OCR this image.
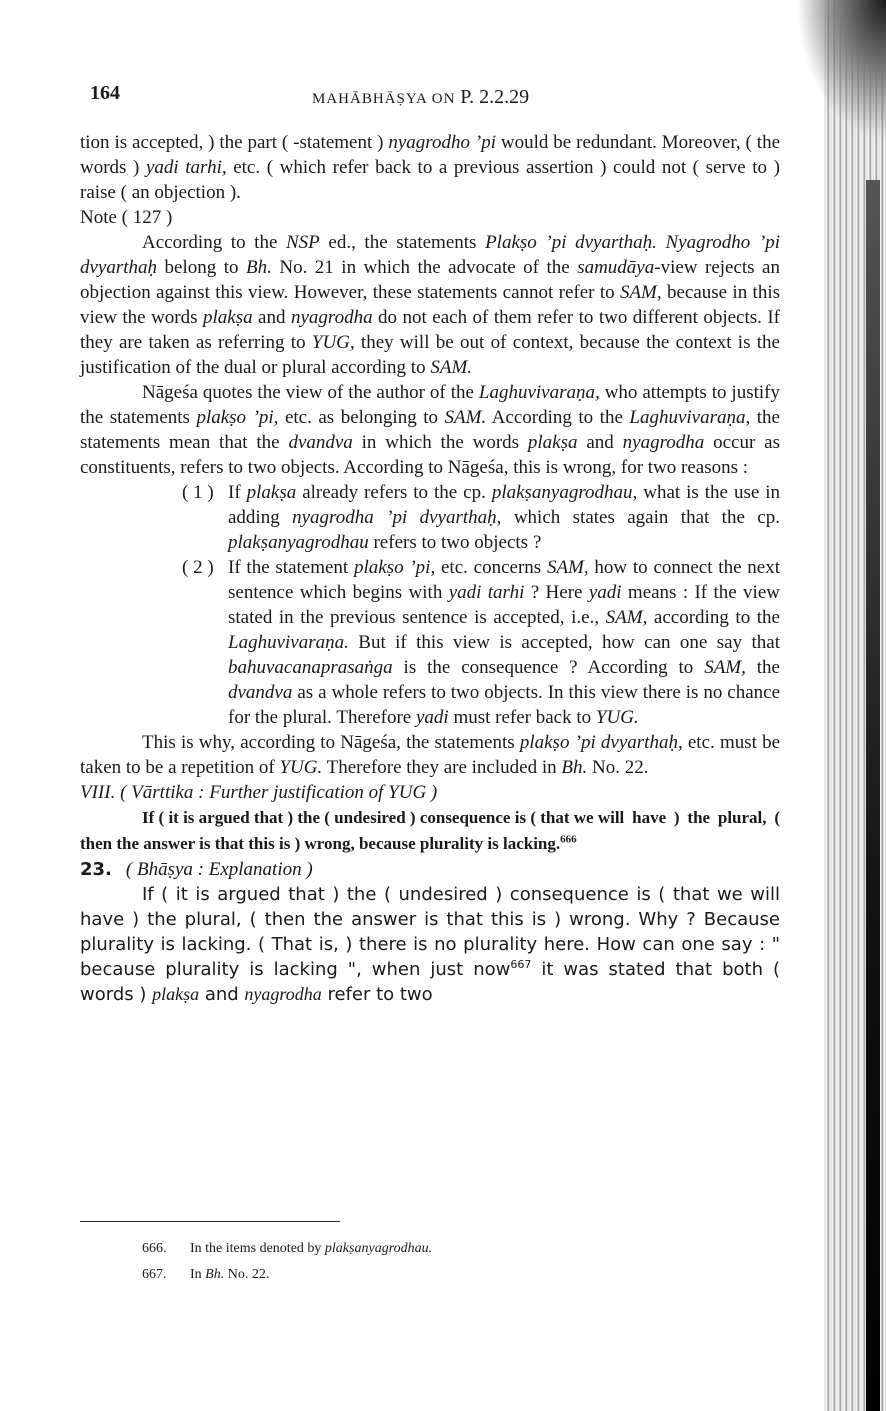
164	MAHĀBHĀṢYA ON P. 2.2.29

tion is accepted, ) the part ( -statement ) nyagrodho ’pi would be redundant. Moreover, ( the words ) yadi tarhi, etc. ( which refer back to a previous assertion ) could not ( serve to ) raise ( an objection ).

Note ( 127 )

According to the NSP ed., the statements Plakṣo ’pi dvyarthaḥ. Nyagrodho ’pi dvyarthaḥ belong to Bh. No. 21 in which the advocate of the samudāya-view rejects an objection against this view. However, these statements cannot refer to SAM, because in this view the words plakṣa and nyagrodha do not each of them refer to two different objects. If they are taken as referring to YUG, they will be out of context, because the context is the justification of the dual or plural according to SAM.

Nāgeśa quotes the view of the author of the Laghuvivaraṇa, who attempts to justify the statements plakṣo ’pi, etc. as belonging to SAM. According to the Laghuvivaraṇa, the statements mean that the dvandva in which the words plakṣa and nyagrodha occur as constituents, refers to two objects. According to Nāgeśa, this is wrong, for two reasons :

( 1 ) If plakṣa already refers to the cp. plakṣanyagrodhau, what is the use in adding nyagrodha ’pi dvyarthaḥ, which states again that the cp. plakṣanyagrodhau refers to two objects ?
( 2 ) If the statement plakṣo ’pi, etc. concerns SAM, how to connect the next sentence which begins with yadi tarhi ? Here yadi means : If the view stated in the previous sentence is accepted, i.e., SAM, according to the Laghuvivaraṇa. But if this view is accepted, how can one say that bahuvacanaprasaṅga is the consequence ? According to SAM, the dvandva as a whole refers to two objects. In this view there is no chance for the plural. Therefore yadi must refer back to YUG.

This is why, according to Nāgeśa, the statements plakṣo ’pi dvyarthaḥ, etc. must be taken to be a repetition of YUG. Therefore they are included in Bh. No. 22.

VIII. ( Vārttika : Further justification of YUG )

If ( it is argued that ) the ( undesired ) consequence is ( that we will have ) the plural, ( then the answer is that this is ) wrong, because plurality is lacking.$^{666}$

23. ( Bhāṣya : Explanation )

If ( it is argued that ) the ( undesired ) consequence is ( that we will have ) the plural, ( then the answer is that this is ) wrong. Why ? Because plurality is lacking. ( That is, ) there is no plurality here. How can one say : " because plurality is lacking ", when just now$^{667}$ it was stated that both ( words ) plakṣa and nyagrodha refer to two

666. In the items denoted by plakṣanyagrodhau.
667. In Bh. No. 22.
